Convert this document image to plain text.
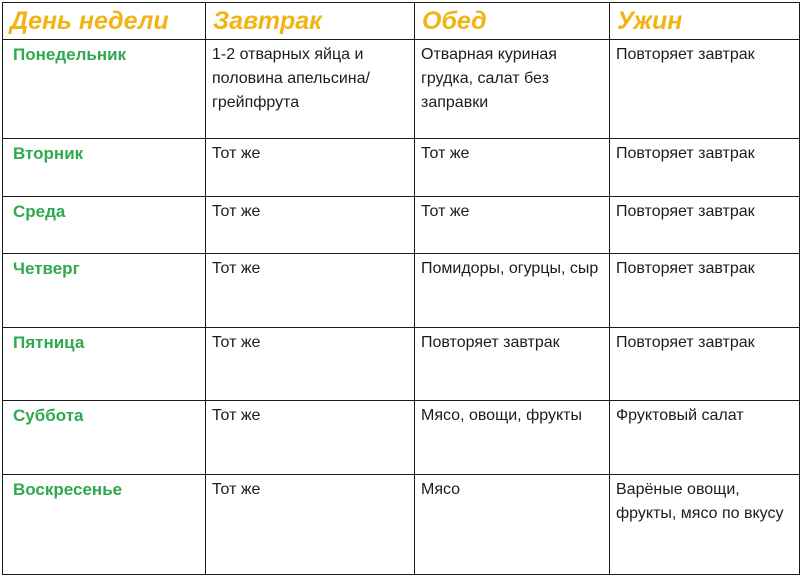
День недели	Завтрак	Обед	Ужин
Понедельник	1-2 отварных яйца и половина апельсина/грейпфрута	Отварная куриная грудка, салат без заправки	Повторяет завтрак
Вторник	Тот же	Тот же	Повторяет завтрак
Среда	Тот же	Тот же	Повторяет завтрак
Четверг	Тот же	Помидоры, огурцы, сыр	Повторяет завтрак
Пятница	Тот же	Повторяет завтрак	Повторяет завтрак
Суббота	Тот же	Мясо, овощи, фрукты	Фруктовый салат
Воскресенье	Тот же	Мясо	Варёные овощи, фрукты, мясо по вкусу
